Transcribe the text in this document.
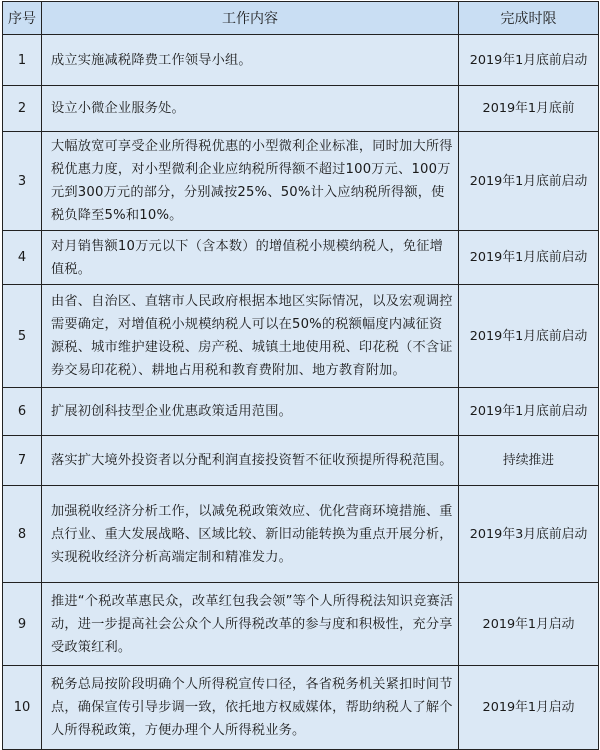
序号	工作内容	完成时限
1	成立实施减税降费工作领导小组。	2019年1月底前启动
2	设立小微企业服务处。	2019年1月底前
3	大幅放宽可享受企业所得税优惠的小型微利企业标准，同时加大所得税优惠力度，对小型微利企业应纳税所得额不超过100万元、100万元到300万元的部分，分别减按25%、50%计入应纳税所得额，使税负降至5%和10%。	2019年1月底前启动
4	对月销售额10万元以下（含本数）的增值税小规模纳税人，免征增值税。	2019年1月底前启动
5	由省、自治区、直辖市人民政府根据本地区实际情况，以及宏观调控需要确定，对增值税小规模纳税人可以在50%的税额幅度内减征资源税、城市维护建设税、房产税、城镇土地使用税、印花税（不含证券交易印花税）、耕地占用税和教育费附加、地方教育附加。	2019年1月底前启动
6	扩展初创科技型企业优惠政策适用范围。	2019年1月底前启动
7	落实扩大境外投资者以分配利润直接投资暂不征收预提所得税范围。	持续推进
8	加强税收经济分析工作，以减免税政策效应、优化营商环境措施、重点行业、重大发展战略、区域比较、新旧动能转换为重点开展分析，实现税收经济分析高端定制和精准发力。	2019年3月底前启动
9	推进“个税改革惠民众，改革红包我会领”等个人所得税法知识竞赛活动，进一步提高社会公众个人所得税改革的参与度和积极性，充分享受政策红利。	2019年1月启动
10	税务总局按阶段明确个人所得税宣传口径，各省税务机关紧扣时间节点，确保宣传引导步调一致，依托地方权威媒体，帮助纳税人了解个人所得税政策，方便办理个人所得税业务。	2019年1月启动
